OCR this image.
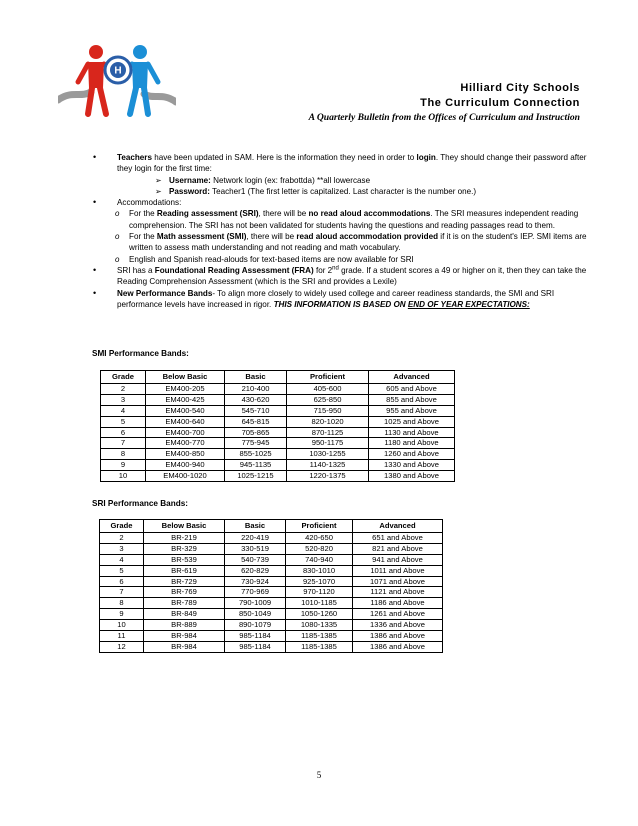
H
Hilliard City Schools
The Curriculum Connection
A Quarterly Bulletin from the Offices of Curriculum and Instruction
• Teachers have been updated in SAM. Here is the information they need in order to login. They should change their password after they login for the first time:
➢ Username: Network login (ex: frabottda) **all lowercase
➢ Password: Teacher1 (The first letter is capitalized. Last character is the number one.)
• Accommodations:
o For the Reading assessment (SRI), there will be no read aloud accommodations. The SRI measures independent reading comprehension. The SRI has not been validated for students having the questions and reading passages read to them.
o For the Math assessment (SMI), there will be read aloud accommodation provided if it is on the student's IEP. SMI items are written to assess math understanding and not reading and math vocabulary.
o English and Spanish read-alouds for text-based items are now available for SRI
• SRI has a Foundational Reading Assessment (FRA) for 2nd grade. If a student scores a 49 or higher on it, then they can take the Reading Comprehension Assessment (which is the SRI and provides a Lexile)
• New Performance Bands- To align more closely to widely used college and career readiness standards, the SMI and SRI performance levels have increased in rigor. THIS INFORMATION IS BASED ON END OF YEAR EXPECTATIONS:
SMI Performance Bands:
Grade	Below Basic	Basic	Proficient	Advanced
2	EM400-205	210-400	405-600	605 and Above
3	EM400-425	430-620	625-850	855 and Above
4	EM400-540	545-710	715-950	955 and Above
5	EM400-640	645-815	820-1020	1025 and Above
6	EM400-700	705-865	870-1125	1130 and Above
7	EM400-770	775-945	950-1175	1180 and Above
8	EM400-850	855-1025	1030-1255	1260 and Above
9	EM400-940	945-1135	1140-1325	1330 and Above
10	EM400-1020	1025-1215	1220-1375	1380 and Above
SRI Performance Bands:
Grade	Below Basic	Basic	Proficient	Advanced
2	BR-219	220-419	420-650	651 and Above
3	BR-329	330-519	520-820	821 and Above
4	BR-539	540-739	740-940	941 and Above
5	BR-619	620-829	830-1010	1011 and Above
6	BR-729	730-924	925-1070	1071 and Above
7	BR-769	770-969	970-1120	1121 and Above
8	BR-789	790-1009	1010-1185	1186 and Above
9	BR-849	850-1049	1050-1260	1261 and Above
10	BR-889	890-1079	1080-1335	1336 and Above
11	BR-984	985-1184	1185-1385	1386 and Above
12	BR-984	985-1184	1185-1385	1386 and Above
5
